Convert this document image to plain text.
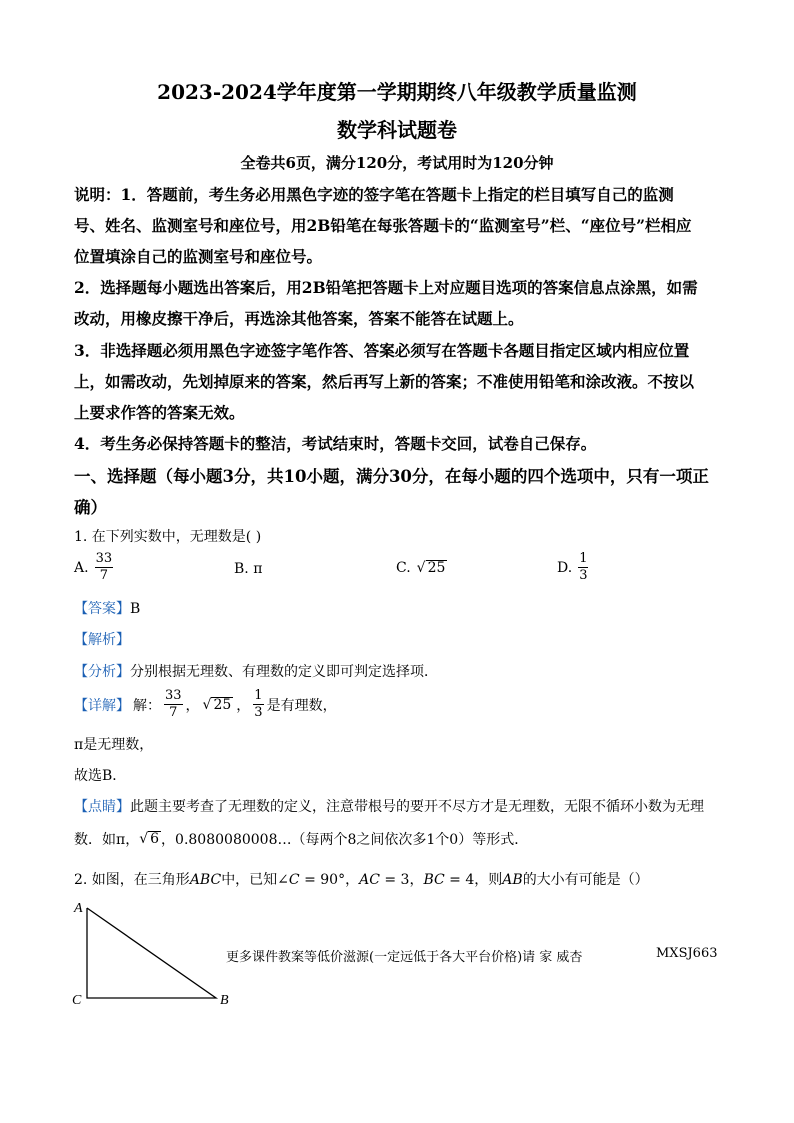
2023-2024学年度第一学期期终八年级教学质量监测
数学科试题卷
全卷共6页，满分120分，考试用时为120分钟
说明：1．答题前，考生务必用黑色字迹的签字笔在答题卡上指定的栏目填写自己的监测
号、姓名、监测室号和座位号，用2B铅笔在每张答题卡的“监测室号”栏、“座位号”栏相应
位置填涂自己的监测室号和座位号。
2．选择题每小题选出答案后，用2B铅笔把答题卡上对应题目选项的答案信息点涂黑，如需
改动，用橡皮擦干净后，再选涂其他答案，答案不能答在试题上。
3．非选择题必须用黑色字迹签字笔作答、答案必须写在答题卡各题目指定区域内相应位置
上，如需改动，先划掉原来的答案，然后再写上新的答案；不准使用铅笔和涂改液。不按以
上要求作答的答案无效。
4．考生务必保持答题卡的整洁，考试结束时，答题卡交回，试卷自己保存。
一、选择题（每小题3分，共10小题，满分30分，在每小题的四个选项中，只有一项正
确）
1. 在下列实数中，无理数是( )
A. $\frac{33}{7}$	B. π	C. √ 25	D. $\frac{1}{3}$
【答案】B
【解析】
【分析】分别根据无理数、有理数的定义即可判定选择项．
【详解】 解： $\frac{33}{7}$ ， √ 25 ， $\frac{1}{3}$ 是有理数，
π是无理数，
故选B．
【点睛】此题主要考查了无理数的定义，注意带根号的要开不尽方才是无理数，无限不循环小数为无理
数．如π， √ 6 ，0.8080080008…（每两个8之间依次多1个0）等形式．
2. 如图，在三角形ABC中，已知∠C = 90°，AC = 3，BC = 4，则AB的大小有可能是（）
A
C	B
更多课件教案等低价滋源(一定远低于各大平台价格)请 家 威杏	MXSJ663
